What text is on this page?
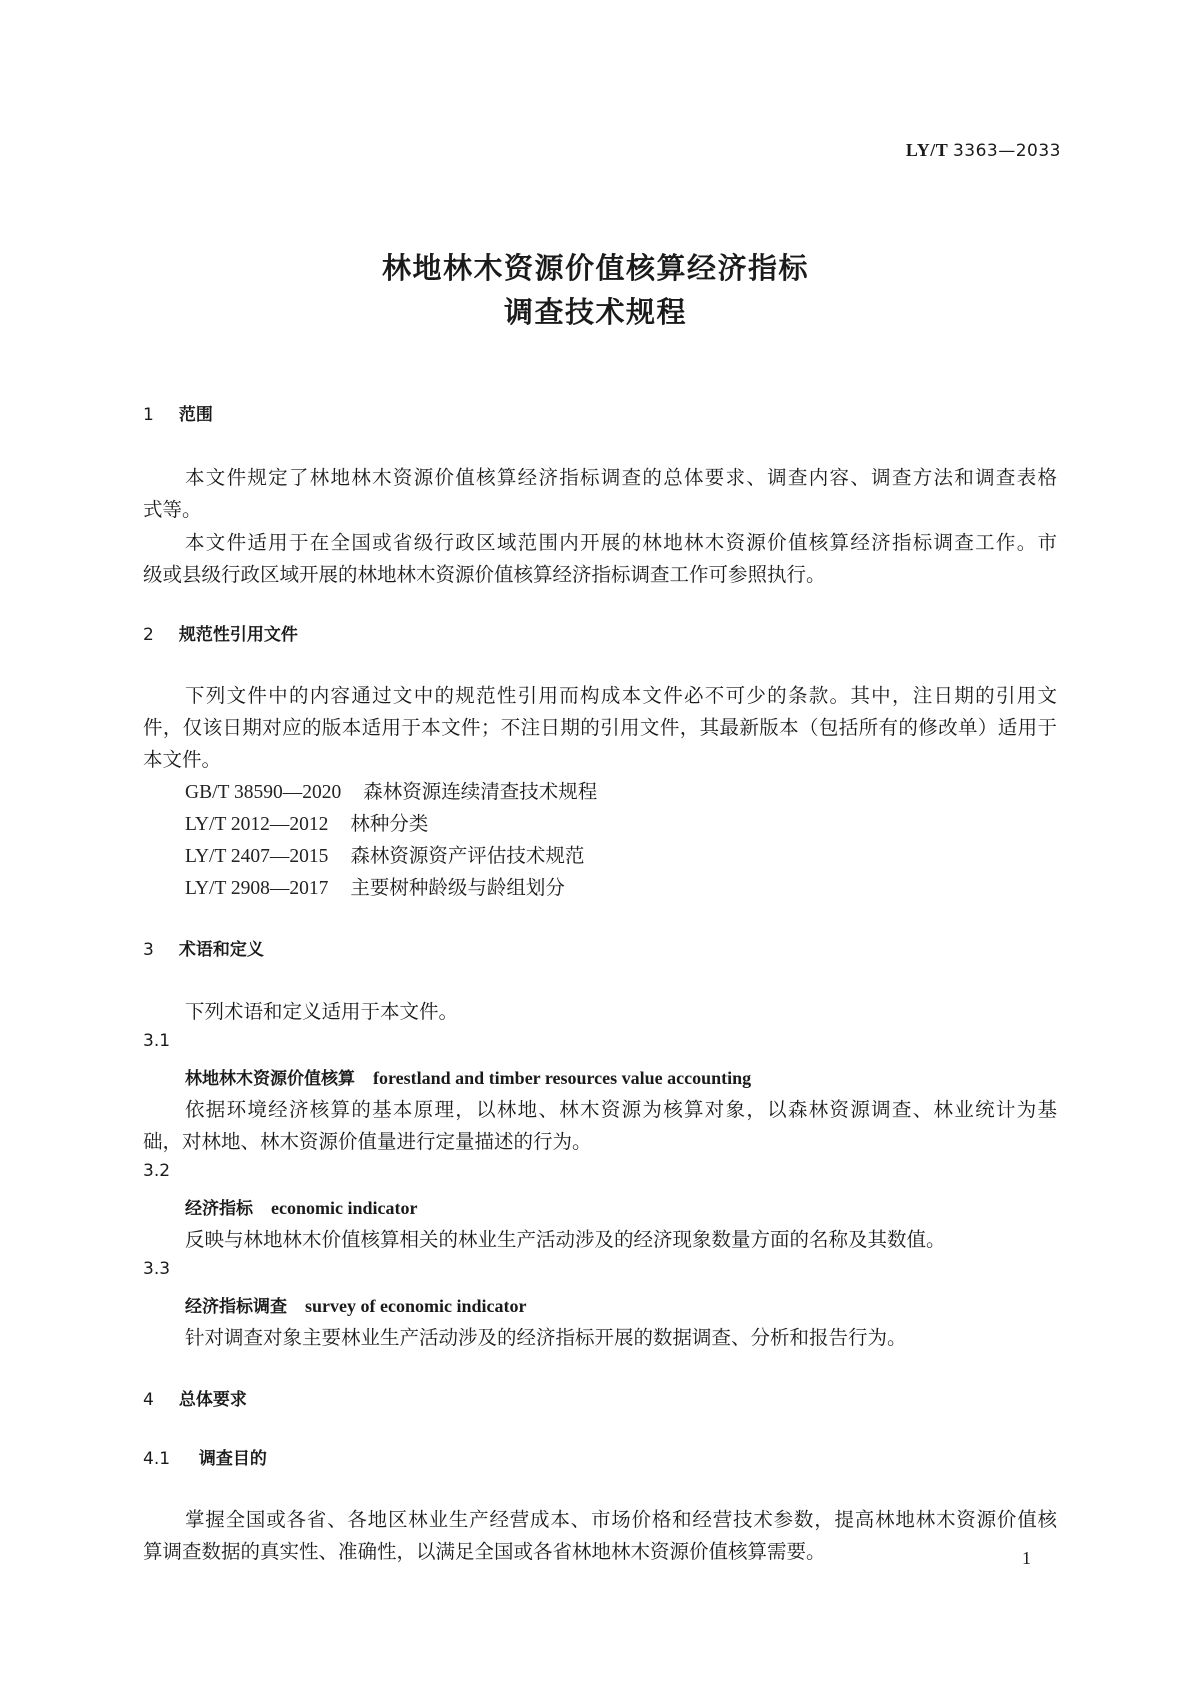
LY/T 3363—2033
林地林木资源价值核算经济指标
调查技术规程
1 范围
本文件规定了林地林木资源价值核算经济指标调查的总体要求、调查内容、调查方法和调查表格
式等。
本文件适用于在全国或省级行政区域范围内开展的林地林木资源价值核算经济指标调查工作。市
级或县级行政区域开展的林地林木资源价值核算经济指标调查工作可参照执行。
2 规范性引用文件
下列文件中的内容通过文中的规范性引用而构成本文件必不可少的条款。其中，注日期的引用文
件，仅该日期对应的版本适用于本文件；不注日期的引用文件，其最新版本（包括所有的修改单）适用于
本文件。
GB/T 38590—2020 森林资源连续清查技术规程
LY/T 2012—2012 林种分类
LY/T 2407—2015 森林资源资产评估技术规范
LY/T 2908—2017 主要树种龄级与龄组划分
3 术语和定义
下列术语和定义适用于本文件。
3.1
林地林木资源价值核算 forestland and timber resources value accounting
依据环境经济核算的基本原理，以林地、林木资源为核算对象，以森林资源调查、林业统计为基
础，对林地、林木资源价值量进行定量描述的行为。
3.2
经济指标 economic indicator
反映与林地林木价值核算相关的林业生产活动涉及的经济现象数量方面的名称及其数值。
3.3
经济指标调查 survey of economic indicator
针对调查对象主要林业生产活动涉及的经济指标开展的数据调查、分析和报告行为。
4 总体要求
4.1 调查目的
掌握全国或各省、各地区林业生产经营成本、市场价格和经营技术参数，提高林地林木资源价值核
算调查数据的真实性、准确性，以满足全国或各省林地林木资源价值核算需要。	1
